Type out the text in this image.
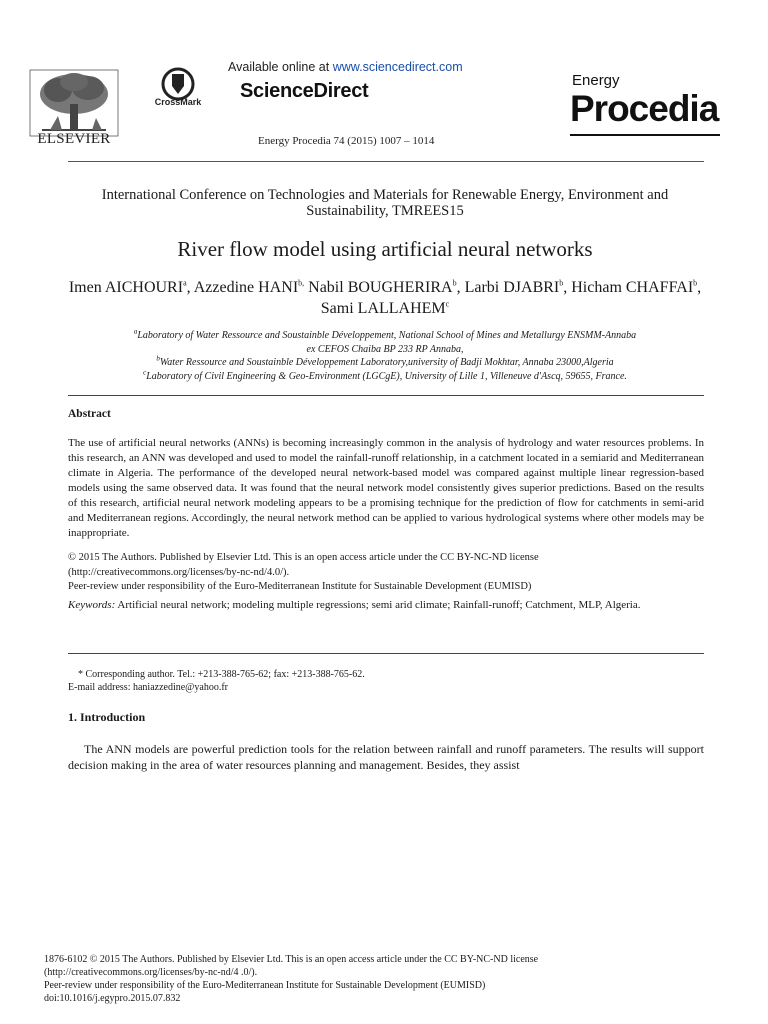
ELSEVIER
CrossMark
Available online at www.sciencedirect.com
ScienceDirect
Energy Procedia 74 (2015) 1007 – 1014
Energy
Procedia
International Conference on Technologies and Materials for Renewable Energy, Environment and Sustainability, TMREES15
River flow model using artificial neural networks
Imen AICHOURI$^a$, Azzedine $HANI^{b,}$ Nabil BOUGHERIRA$^b$, Larbi DJABRI$^b$, Hicham CHAFFAI$^b$, Sami LALLAHEM$^c$
$^a$Laboratory of Water Ressource and Soustainble Développement, National School of Mines and Metallurgy ENSMM-Annaba
ex CEFOS Chaiba BP 233 RP Annaba,
$^b$Water Ressource and Soustainble Développement Laboratory,university of Badji Mokhtar, Annaba 23000,Algeria
$^c$Laboratory of Civil Engineering & Geo-Environment (LGCgE), University of Lille 1, Villeneuve d'Ascq, 59655, France.
Abstract
The use of artificial neural networks (ANNs) is becoming increasingly common in the analysis of hydrology and water resources problems. In this research, an ANN was developed and used to model the rainfall-runoff relationship, in a catchment located in a semiarid and Mediterranean climate in Algeria. The performance of the developed neural network-based model was compared against multiple linear regression-based models using the same observed data. It was found that the neural network model consistently gives superior predictions. Based on the results of this research, artificial neural network modeling appears to be a promising technique for the prediction of flow for catchments in semi-arid and Mediterranean regions. Accordingly, the neural network method can be applied to various hydrological systems where other models may be inappropriate.
© 2015 The Authors. Published by Elsevier Ltd. This is an open access article under the CC BY-NC-ND license
(http://creativecommons.org/licenses/by-nc-nd/4.0/).
Peer-review under responsibility of the Euro-Mediterranean Institute for Sustainable Development (EUMISD)
Keywords: Artificial neural network; modeling multiple regressions; semi arid climate; Rainfall-runoff; Catchment, MLP, Algeria.
* Corresponding author. Tel.: +213-388-765-62; fax: +213-388-765-62.
E-mail address: haniazzedine@yahoo.fr
1. Introduction
The ANN models are powerful prediction tools for the relation between rainfall and runoff parameters. The results will support decision making in the area of water resources planning and management. Besides, they assist
1876-6102 © 2015 The Authors. Published by Elsevier Ltd. This is an open access article under the CC BY-NC-ND license
(http://creativecommons.org/licenses/by-nc-nd/4 .0/).
Peer-review under responsibility of the Euro-Mediterranean Institute for Sustainable Development (EUMISD)
doi:10.1016/j.egypro.2015.07.832
